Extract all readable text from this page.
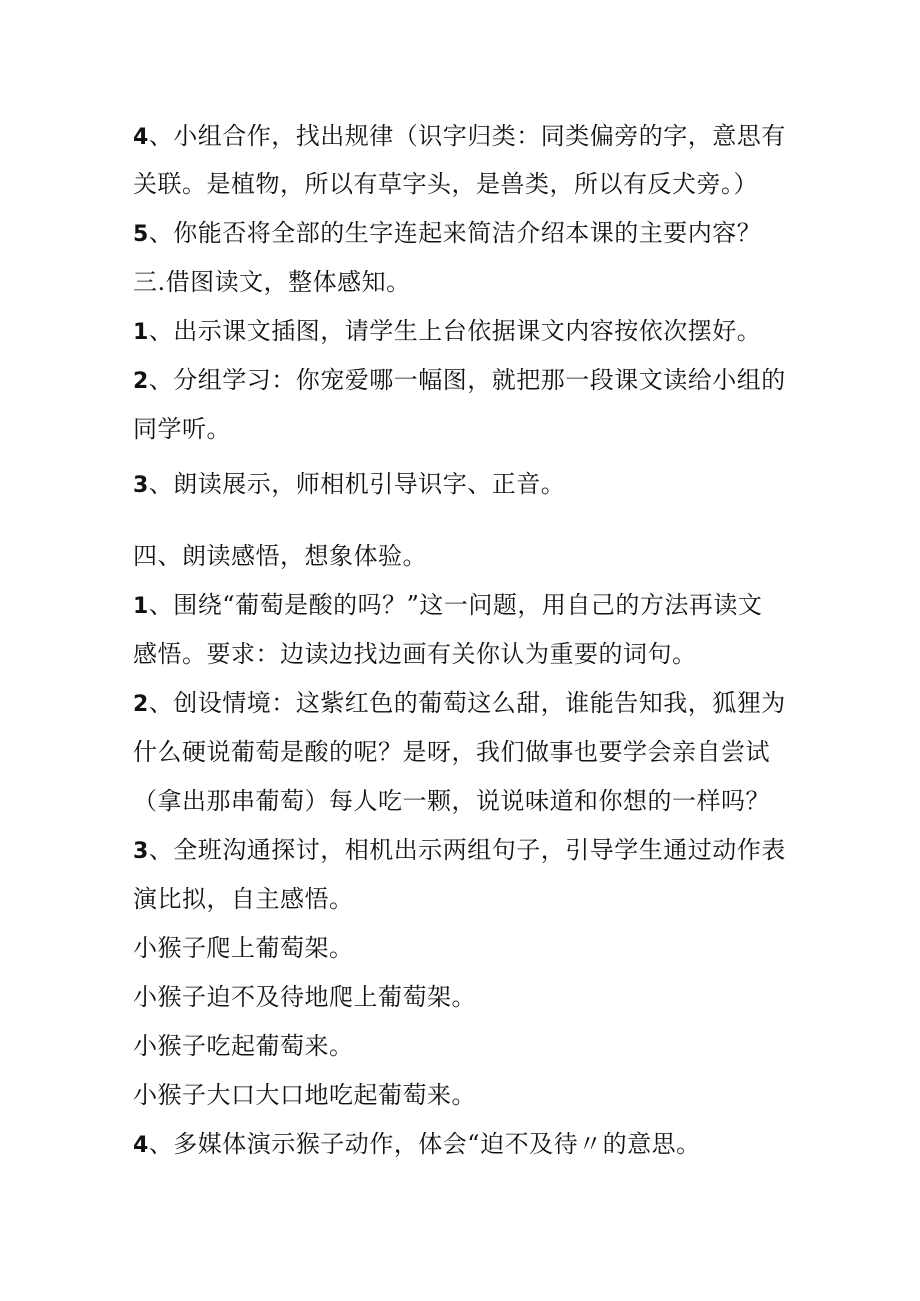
4、小组合作，找出规律（识字归类：同类偏旁的字，意思有
关联。是植物，所以有草字头，是兽类，所以有反犬旁。）
5、你能否将全部的生字连起来简洁介绍本课的主要内容？
三.借图读文，整体感知。
1、出示课文插图，请学生上台依据课文内容按依次摆好。
2、分组学习：你宠爱哪一幅图，就把那一段课文读给小组的
同学听。
3、朗读展示，师相机引导识字、正音。
四、朗读感悟，想象体验。
1、围绕“葡萄是酸的吗？”这一问题，用自己的方法再读文
感悟。要求：边读边找边画有关你认为重要的词句。
2、创设情境：这紫红色的葡萄这么甜，谁能告知我，狐狸为
什么硬说葡萄是酸的呢？是呀，我们做事也要学会亲自尝试
（拿出那串葡萄）每人吃一颗，说说味道和你想的一样吗？
3、全班沟通探讨，相机出示两组句子，引导学生通过动作表
演比拟，自主感悟。
小猴子爬上葡萄架。
小猴子迫不及待地爬上葡萄架。
小猴子吃起葡萄来。
小猴子大口大口地吃起葡萄来。
4、多媒体演示猴子动作，体会“迫不及待〃的意思。
